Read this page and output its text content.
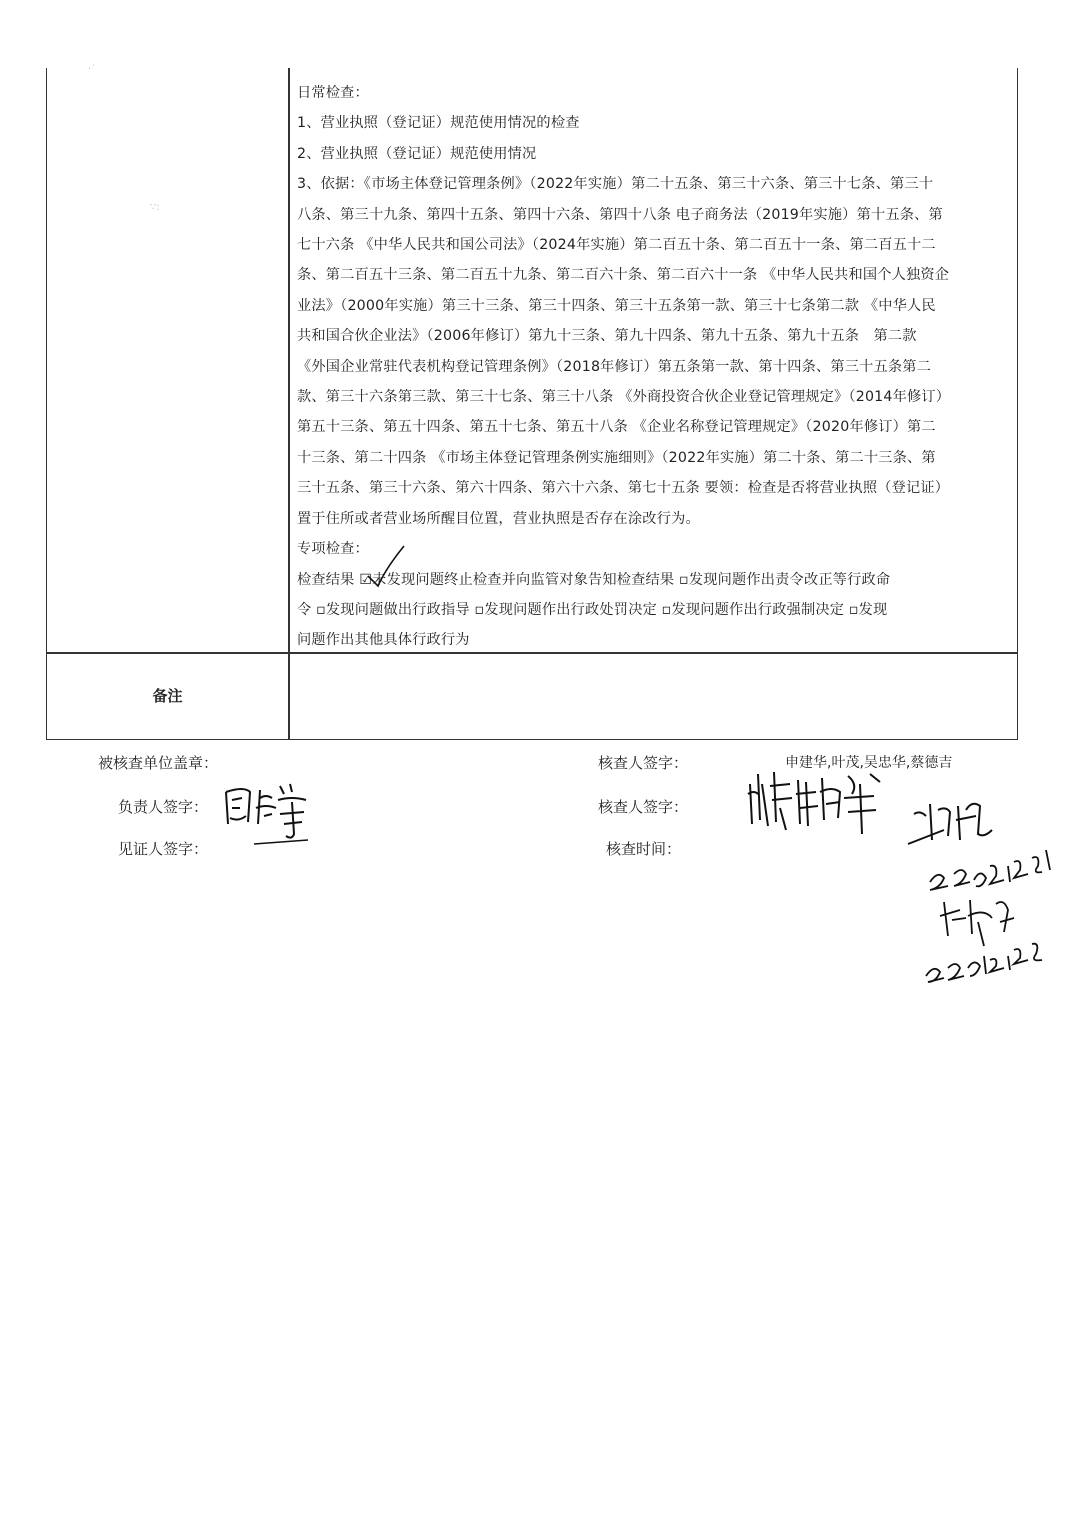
·˙
∵:

日常检查：

1、营业执照（登记证）规范使用情况的检查

2、营业执照（登记证）规范使用情况

3、依据：《市场主体登记管理条例》（2022年实施）第二十五条、第三十六条、第三十七条、第三十

八条、第三十九条、第四十五条、第四十六条、第四十八条 电子商务法（2019年实施）第十五条、第

七十六条 《中华人民共和国公司法》（2024年实施）第二百五十条、第二百五十一条、第二百五十二

条、第二百五十三条、第二百五十九条、第二百六十条、第二百六十一条 《中华人民共和国个人独资企

业法》（2000年实施）第三十三条、第三十四条、第三十五条第一款、第三十七条第二款 《中华人民

共和国合伙企业法》（2006年修订）第九十三条、第九十四条、第九十五条、第九十五条　第二款

《外国企业常驻代表机构登记管理条例》（2018年修订）第五条第一款、第十四条、第三十五条第二

款、第三十六条第三款、第三十七条、第三十八条 《外商投资合伙企业登记管理规定》（2014年修订）

第五十三条、第五十四条、第五十七条、第五十八条 《企业名称登记管理规定》（2020年修订）第二

十三条、第二十四条 《市场主体登记管理条例实施细则》（2022年实施）第二十条、第二十三条、第

三十五条、第三十六条、第六十四条、第六十六条、第七十五条 要领：检查是否将营业执照（登记证）

置于住所或者营业场所醒目位置，营业执照是否存在涂改行为。

专项检查：

检查结果 ☑未发现问题终止检查并向监管对象告知检查结果 ▫发现问题作出责令改正等行政命

令 ▫发现问题做出行政指导 ▫发现问题作出行政处罚决定 ▫发现问题作出行政强制决定 ▫发现

问题作出其他具体行政行为

备注
被核查单位盖章：
负责人签字：
见证人签字：
核查人签字：
核查人签字：
核查时间：
申建华,叶茂,吴忠华,蔡德吉
